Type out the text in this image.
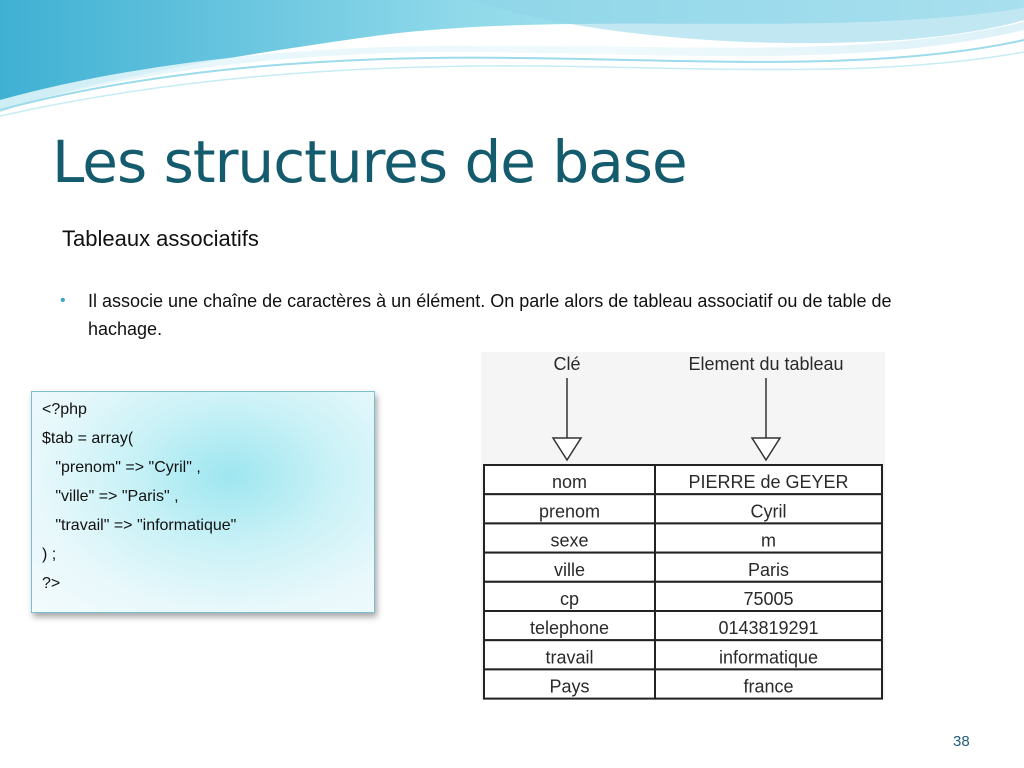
Les structures de base
Tableaux associatifs
•	Il associe une chaîne de caractères à un élément. On parle alors de tableau associatif ou de table de hachage.
<?php
$tab = array(
"prenom" => "Cyril" ,
"ville" => "Paris" ,
"travail" => "informatique"
) ;
?>
Clé	Element du tableau
nom	PIERRE de GEYER
prenom	Cyril
sexe	m
ville	Paris
cp	75005
telephone	0143819291
travail	informatique
Pays	france
38
